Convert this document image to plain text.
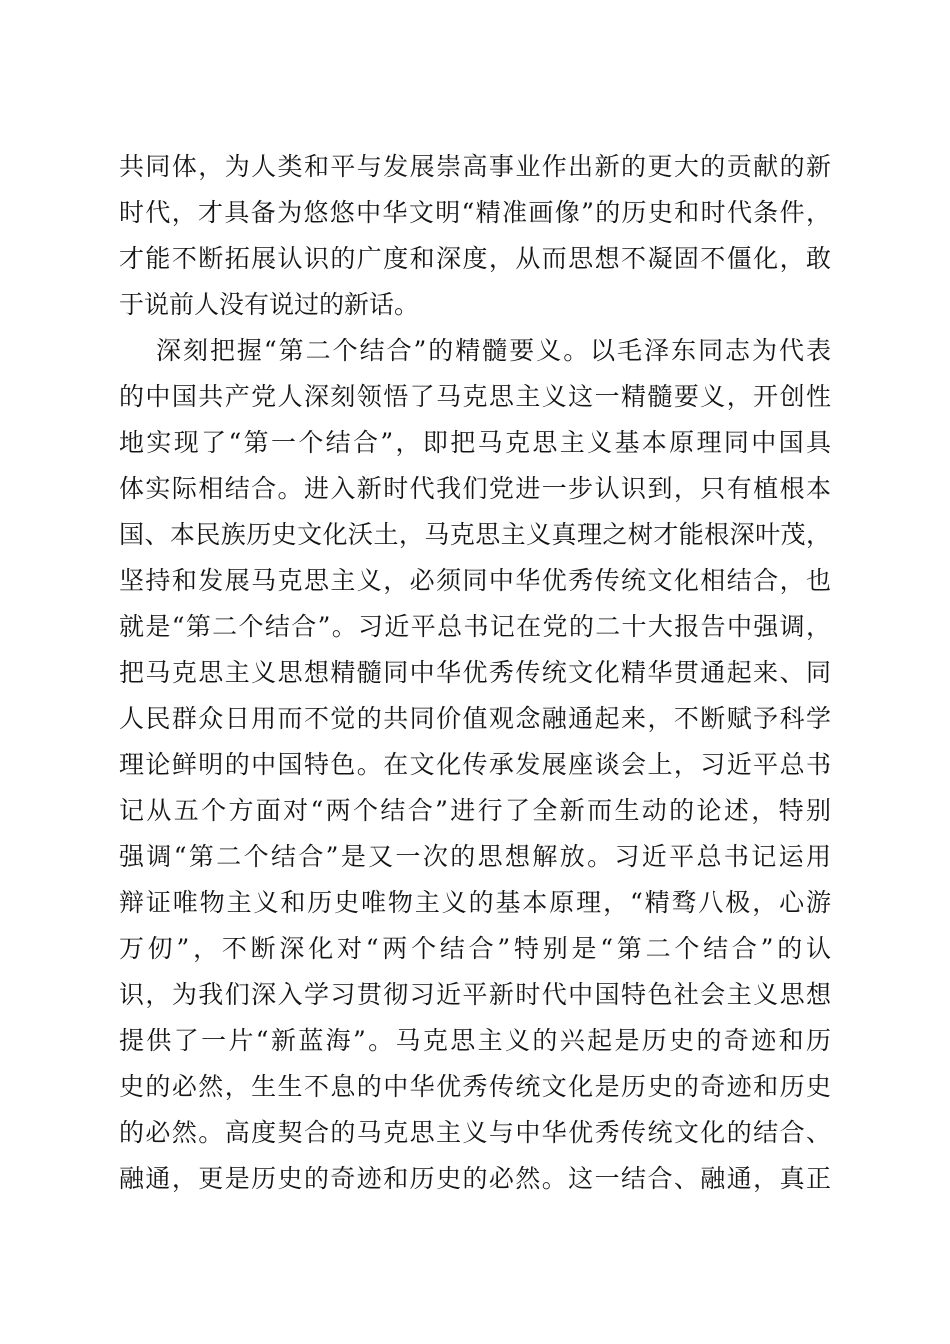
共同体，为人类和平与发展崇高事业作出新的更大的贡献的新
时代，才具备为悠悠中华文明“精准画像”的历史和时代条件，
才能不断拓展认识的广度和深度，从而思想不凝固不僵化，敢
于说前人没有说过的新话。
深刻把握“第二个结合”的精髓要义。以毛泽东同志为代表
的中国共产党人深刻领悟了马克思主义这一精髓要义，开创性
地实现了“第一个结合”，即把马克思主义基本原理同中国具
体实际相结合。进入新时代我们党进一步认识到，只有植根本
国、本民族历史文化沃土，马克思主义真理之树才能根深叶茂，
坚持和发展马克思主义，必须同中华优秀传统文化相结合，也
就是“第二个结合”。习近平总书记在党的二十大报告中强调，
把马克思主义思想精髓同中华优秀传统文化精华贯通起来、同
人民群众日用而不觉的共同价值观念融通起来，不断赋予科学
理论鲜明的中国特色。在文化传承发展座谈会上，习近平总书
记从五个方面对“两个结合”进行了全新而生动的论述，特别
强调“第二个结合”是又一次的思想解放。习近平总书记运用
辩证唯物主义和历史唯物主义的基本原理，“精骛八极，心游
万仞”，不断深化对“两个结合”特别是“第二个结合”的认
识，为我们深入学习贯彻习近平新时代中国特色社会主义思想
提供了一片“新蓝海”。马克思主义的兴起是历史的奇迹和历
史的必然，生生不息的中华优秀传统文化是历史的奇迹和历史
的必然。高度契合的马克思主义与中华优秀传统文化的结合、
融通，更是历史的奇迹和历史的必然。这一结合、融通，真正
